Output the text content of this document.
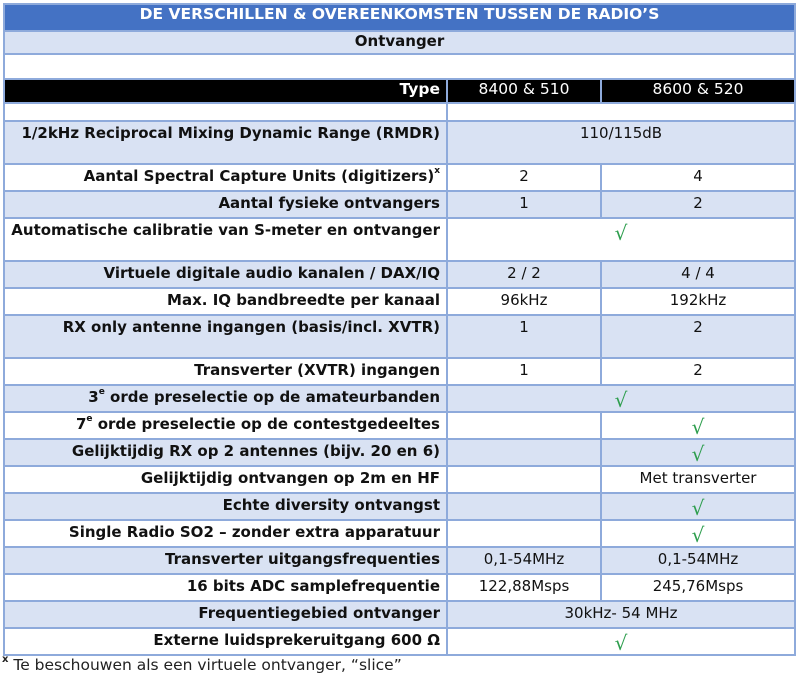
DE VERSCHILLEN & OVEREENKOMSTEN TUSSEN DE RADIO’S		
Ontvanger		

Type	8400 & 510	8600 & 520

1/2kHz Reciprocal Mixing Dynamic Range (RMDR)	110/115dB	
Aantal Spectral Capture Units (digitizers)$^x$	2	4
Aantal fysieke ontvangers	1	2
Automatische calibratie van S-meter en ontvanger	√	
Virtuele digitale audio kanalen / DAX/IQ	2 / 2	4 / 4
Max. IQ bandbreedte per kanaal	96kHz	192kHz
RX only antenne ingangen (basis/incl. XVTR)	1	2
Transverter (XVTR) ingangen	1	2
3e orde preselectie op de amateurbanden	√	
7e orde preselectie op de contestgedeeltes		√
Gelijktijdig RX op 2 antennes (bijv. 20 en 6)		√
Gelijktijdig ontvangen op 2m en HF		Met transverter
Echte diversity ontvangst		√
Single Radio SO2 – zonder extra apparatuur		√
Transverter uitgangsfrequenties	0,1-54MHz	0,1-54MHz
16 bits ADC samplefrequentie	122,88Msps	245,76Msps
Frequentiegebied ontvanger	30kHz- 54 MHz	
Externe luidsprekeruitgang 600 Ω	√	
$^x$ Te beschouwen als een virtuele ontvanger, “slice”
